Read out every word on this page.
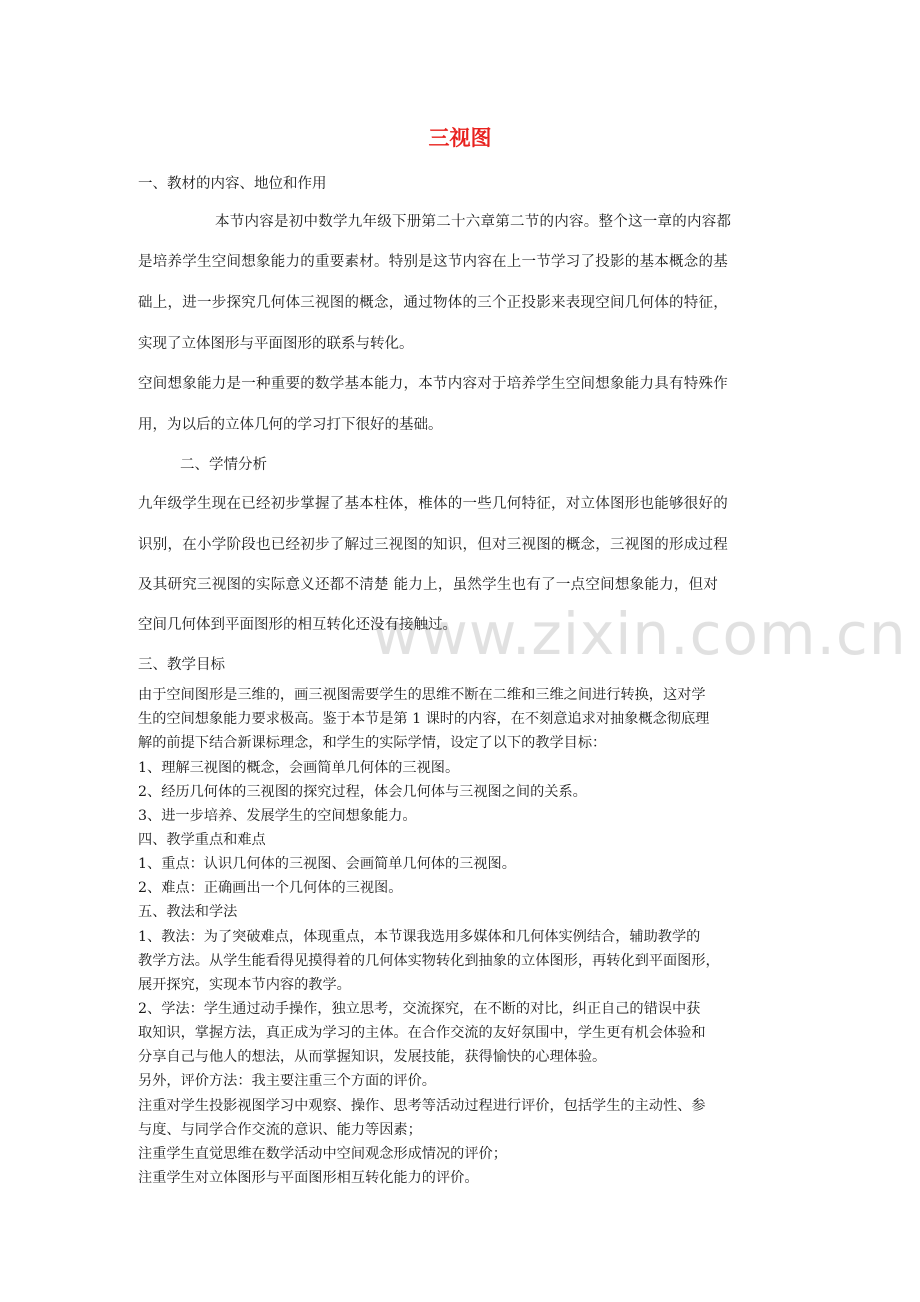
www.zixin.com.cn
三视图
一、教材的内容、地位和作用
本节内容是初中数学九年级下册第二十六章第二节的内容。整个这一章的内容都
是培养学生空间想象能力的重要素材。特别是这节内容在上一节学习了投影的基本概念的基
础上，进一步探究几何体三视图的概念，通过物体的三个正投影来表现空间几何体的特征，
实现了立体图形与平面图形的联系与转化。
空间想象能力是一种重要的数学基本能力，本节内容对于培养学生空间想象能力具有特殊作
用，为以后的立体几何的学习打下很好的基础。
二、学情分析
九年级学生现在已经初步掌握了基本柱体，椎体的一些几何特征，对立体图形也能够很好的
识别，在小学阶段也已经初步了解过三视图的知识，但对三视图的概念，三视图的形成过程
及其研究三视图的实际意义还都不清楚 能力上，虽然学生也有了一点空间想象能力，但对
空间几何体到平面图形的相互转化还没有接触过。
三、教学目标
由于空间图形是三维的，画三视图需要学生的思维不断在二维和三维之间进行转换，这对学
生的空间想象能力要求极高。鉴于本节是第 1 课时的内容，在不刻意追求对抽象概念彻底理
解的前提下结合新课标理念，和学生的实际学情，设定了以下的教学目标：
1、理解三视图的概念，会画简单几何体的三视图。
2、经历几何体的三视图的探究过程，体会几何体与三视图之间的关系。
3、进一步培养、发展学生的空间想象能力。
四、教学重点和难点
1、重点：认识几何体的三视图、会画简单几何体的三视图。
2、难点：正确画出一个几何体的三视图。
五、教法和学法
1、教法：为了突破难点，体现重点，本节课我选用多媒体和几何体实例结合，辅助教学的
教学方法。从学生能看得见摸得着的几何体实物转化到抽象的立体图形，再转化到平面图形，
展开探究，实现本节内容的教学。
2、学法：学生通过动手操作，独立思考，交流探究，在不断的对比，纠正自己的错误中获
取知识，掌握方法，真正成为学习的主体。在合作交流的友好氛围中，学生更有机会体验和
分享自己与他人的想法，从而掌握知识，发展技能，获得愉快的心理体验。
另外，评价方法：我主要注重三个方面的评价。
注重对学生投影视图学习中观察、操作、思考等活动过程进行评价，包括学生的主动性、参
与度、与同学合作交流的意识、能力等因素；
注重学生直觉思维在数学活动中空间观念形成情况的评价；
注重学生对立体图形与平面图形相互转化能力的评价。
